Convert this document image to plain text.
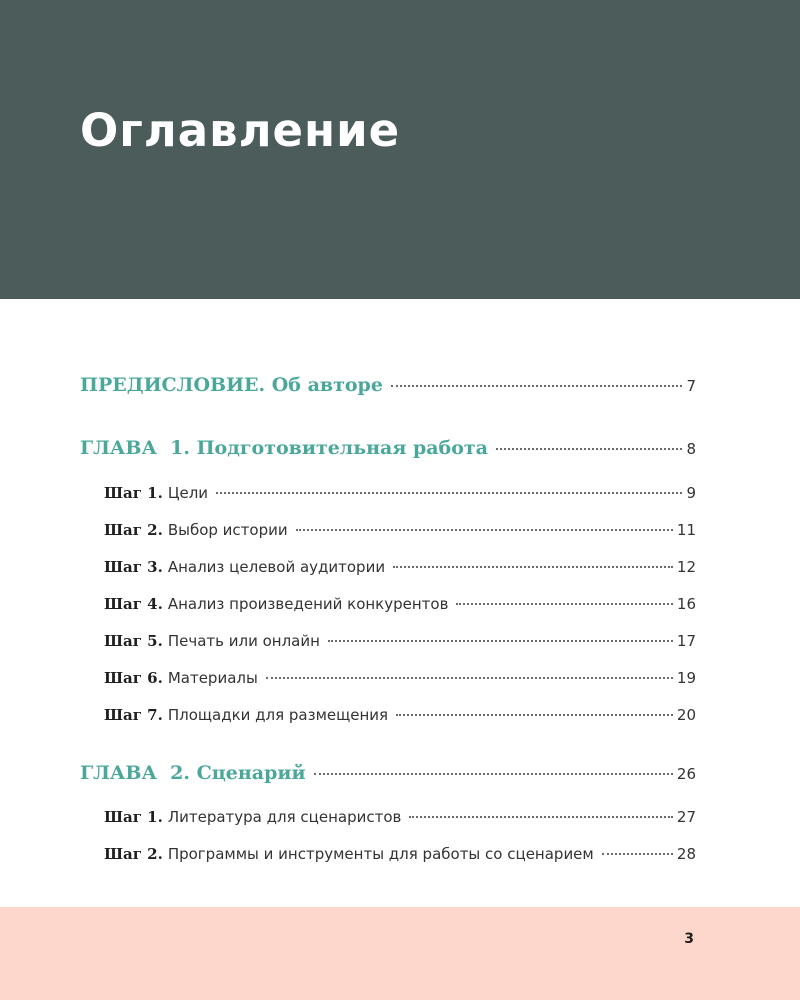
Оглавление
ПРЕДИСЛОВИЕ. Об авторе	7
ГЛАВА  1. Подготовительная работа	8
Шаг 1. Цели	9
Шаг 2. Выбор истории	11
Шаг 3. Анализ целевой аудитории	12
Шаг 4. Анализ произведений конкурентов	16
Шаг 5. Печать или онлайн	17
Шаг 6. Материалы	19
Шаг 7. Площадки для размещения	20
ГЛАВА  2. Сценарий	26
Шаг 1. Литература для сценаристов	27
Шаг 2. Программы и инструменты для работы со сценарием	28
3
